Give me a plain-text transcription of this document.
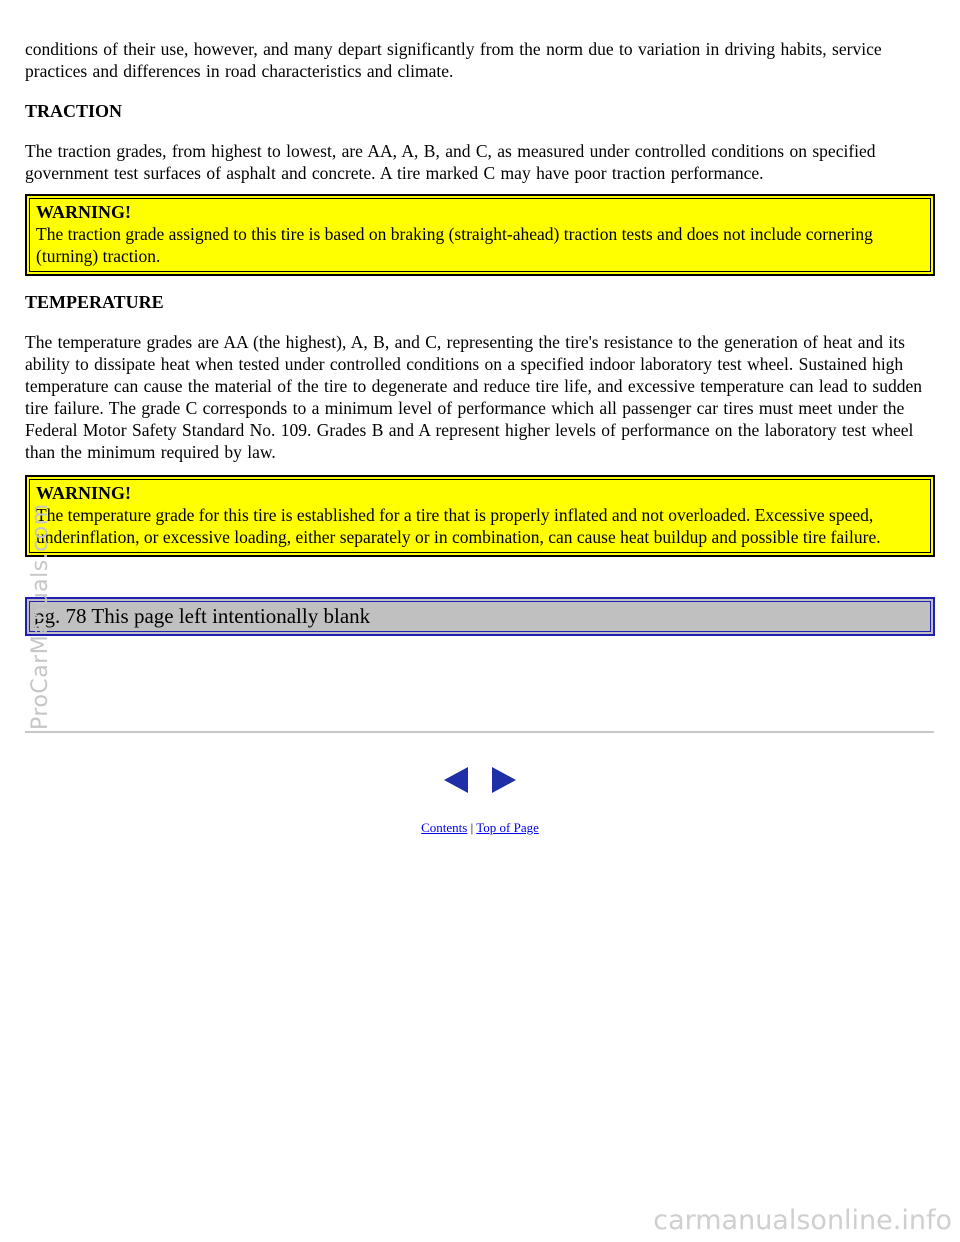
conditions of their use, however, and many depart significantly from the norm due to variation in driving habits, service practices and differences in road characteristics and climate.

TRACTION

The traction grades, from highest to lowest, are AA, A, B, and C, as measured under controlled conditions on specified government test surfaces of asphalt and concrete. A tire marked C may have poor traction performance.

WARNING!
The traction grade assigned to this tire is based on braking (straight-ahead) traction tests and does not include cornering (turning) traction.

TEMPERATURE

The temperature grades are AA (the highest), A, B, and C, representing the tire's resistance to the generation of heat and its ability to dissipate heat when tested under controlled conditions on a specified indoor laboratory test wheel. Sustained high temperature can cause the material of the tire to degenerate and reduce tire life, and excessive temperature can lead to sudden tire failure. The grade C corresponds to a minimum level of performance which all passenger car tires must meet under the Federal Motor Safety Standard No. 109. Grades B and A represent higher levels of performance on the laboratory test wheel than the minimum required by law.

WARNING!
The temperature grade for this tire is established for a tire that is properly inflated and not overloaded. Excessive speed, underinflation, or excessive loading, either separately or in combination, can cause heat buildup and possible tire failure.
pg. 78 This page left intentionally blank
Contents | Top of Page
ProCarManuals.com
carmanualsonline.info
